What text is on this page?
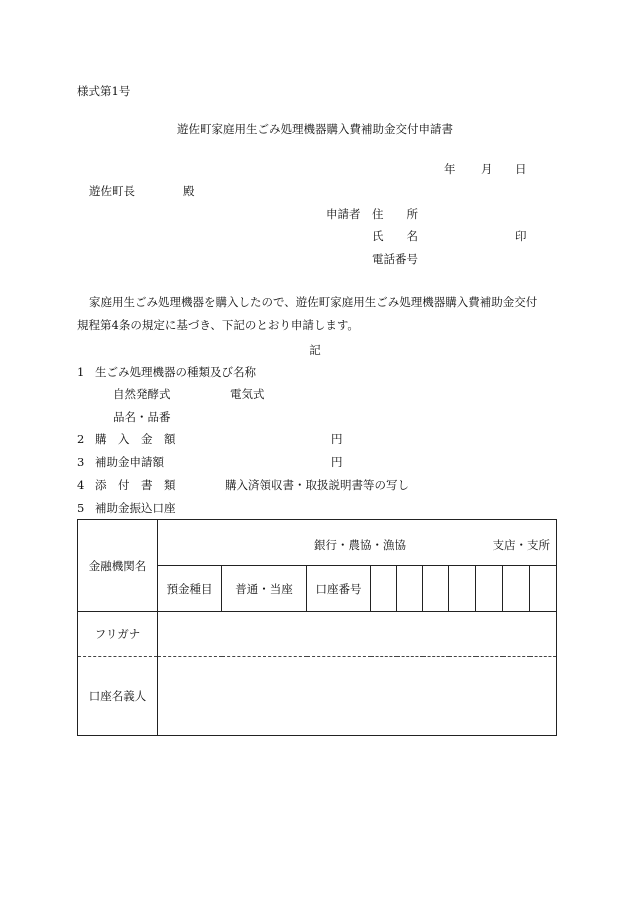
様式第1号
遊佐町家庭用生ごみ処理機器購入費補助金交付申請書
年 月 日
遊佐町長	殿
申請者 住　　所
氏　　名	印
電話番号
家庭用生ごみ処理機器を購入したので、遊佐町家庭用生ごみ処理機器購入費補助金交付
規程第4条の規定に基づき、下記のとおり申請します。
記
1 生ごみ処理機器の種類及び名称
自然発酵式	電気式
品名・品番
2 購　入　金　額	円
3 補助金申請額	円
4 添　付　書　類	購入済領収書・取扱説明書等の写し
5 補助金振込口座
金融機関名	銀行・農協・漁協 支店・支所									

	預金種目	普通・当座	口座番号							
フリガナ										
口座名義人										
